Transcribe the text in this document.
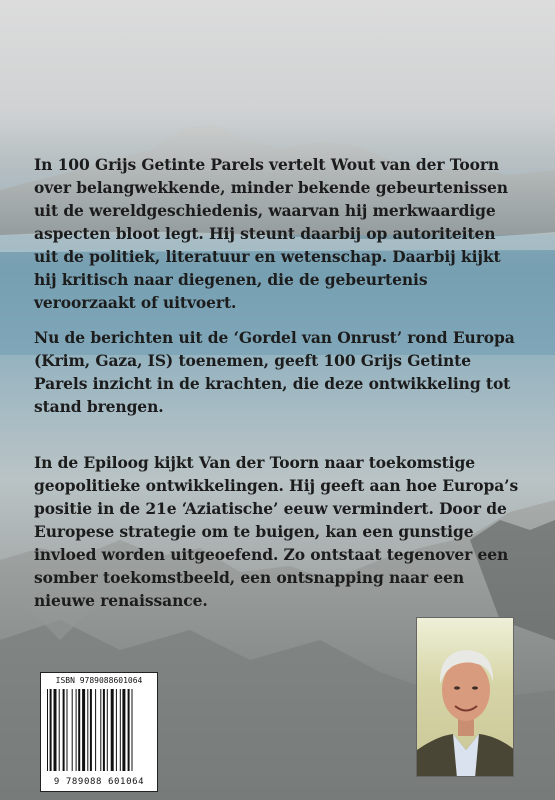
In 100 Grijs Getinte Parels vertelt Wout van der Toorn over belangwekkende, minder bekende gebeurtenissen uit de wereldgeschiedenis, waarvan hij merkwaardige aspecten bloot legt. Hij steunt daarbij op autoriteiten uit de politiek, literatuur en wetenschap. Daarbij kijkt hij kritisch naar diegenen, die de gebeurtenis veroorzaakt of uitvoert.

Nu de berichten uit de ‘Gordel van Onrust’ rond Europa (Krim, Gaza, IS) toenemen, geeft 100 Grijs Getinte Parels inzicht in de krachten, die deze ontwikkeling tot stand brengen.

In de Epiloog kijkt Van der Toorn naar toekomstige geopolitieke ontwikkelingen. Hij geeft aan hoe Europa’s positie in de 21e ‘Aziatische’ eeuw vermindert. Door de Europese strategie om te buigen, kan een gunstige invloed worden uitgeoefend. Zo ontstaat tegenover een somber toekomstbeeld, een ontsnapping naar een nieuwe renaissance.

ISBN 9789088601064
9 789088 601064
